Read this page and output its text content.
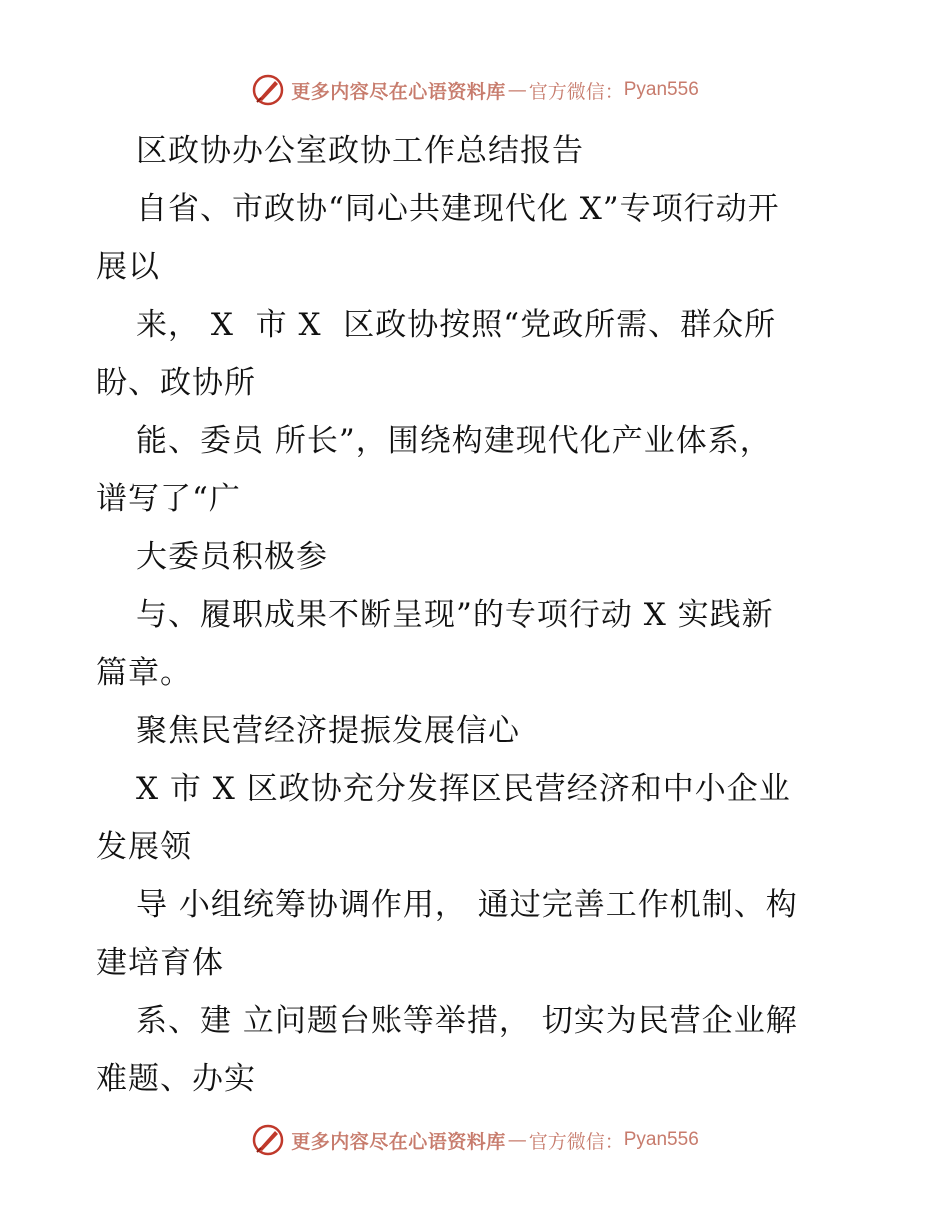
更多内容尽在心语资料库 — 官方微信： Pyan556

区政协办公室政协工作总结报告

自省、市政协“同心共建现代化 X”专项行动开

展以

来， X  市 X  区政协按照“党政所需、群众所

盼、政协所

能、委员 所长”，围绕构建现代化产业体系，

谱写了“广

大委员积极参

与、履职成果不断呈现”的专项行动 X 实践新

篇章。

聚焦民营经济提振发展信心

X 市 X 区政协充分发挥区民营经济和中小企业

发展领

导 小组统筹协调作用， 通过完善工作机制、构

建培育体

系、建 立问题台账等举措， 切实为民营企业解

难题、办实

更多内容尽在心语资料库 — 官方微信： Pyan556
